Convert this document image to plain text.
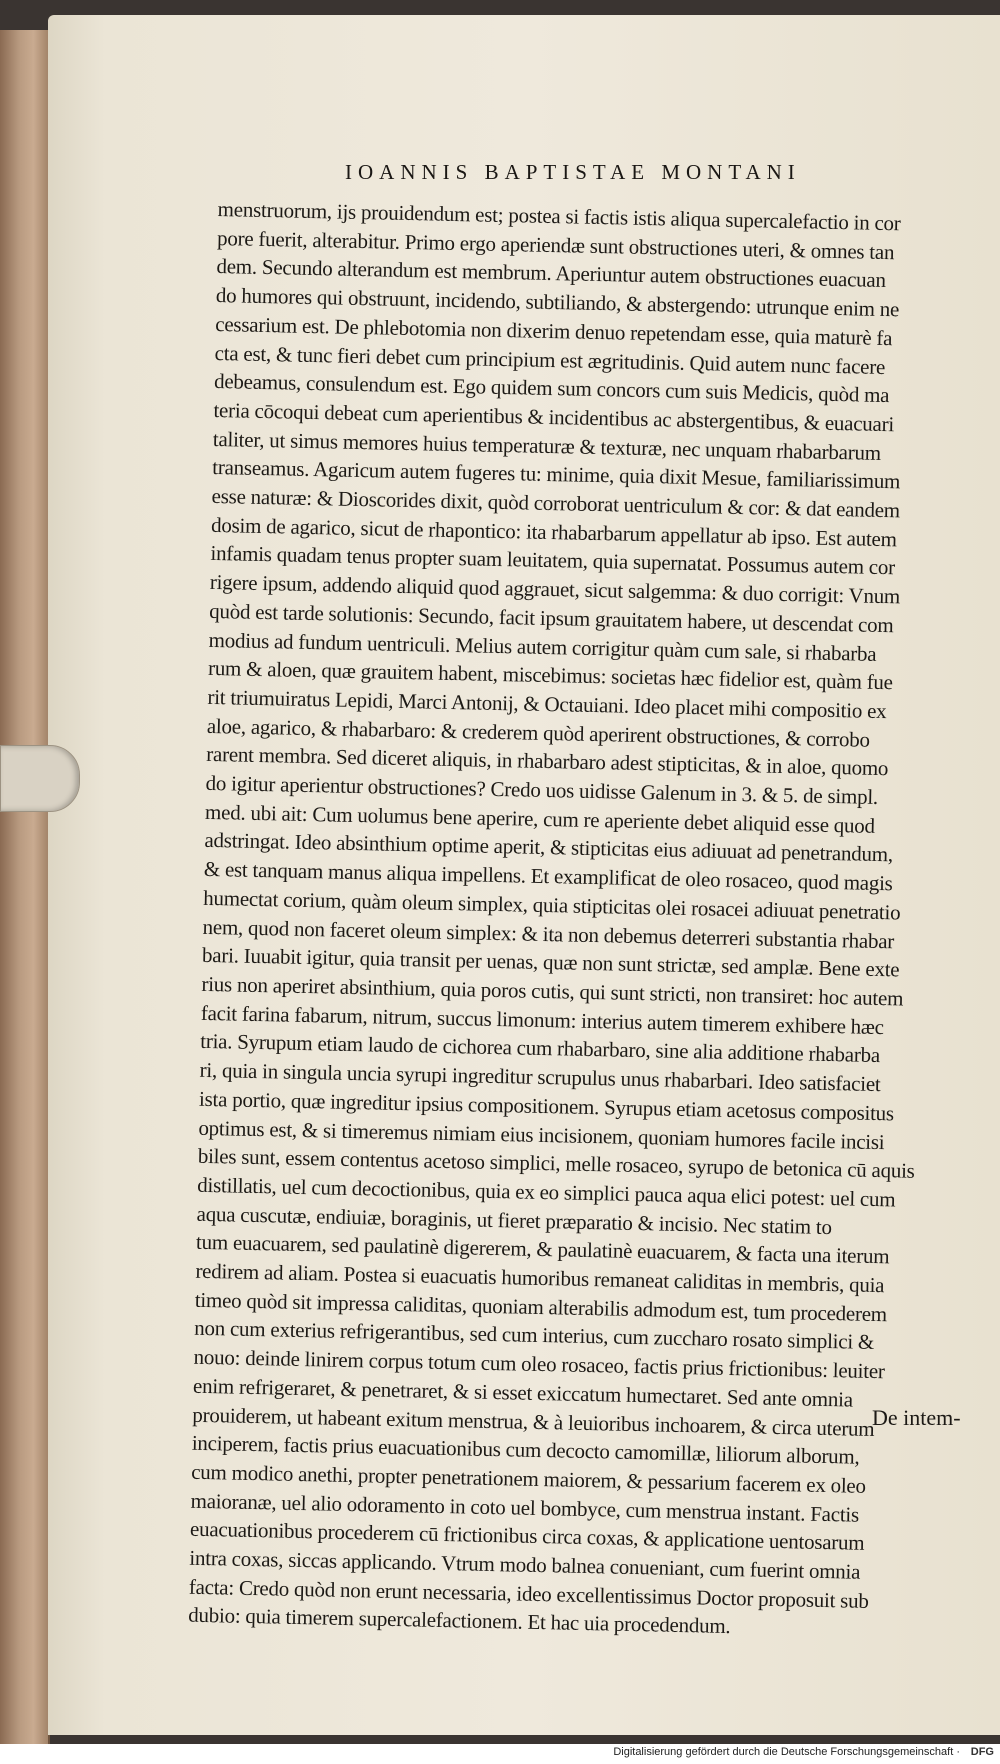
IOANNIS BAPTISTAE MONTANI
menstruorum, ijs prouidendum est; postea si factis istis aliqua supercalefactio in cor
pore fuerit, alterabitur. Primo ergo aperiendæ sunt obstructiones uteri, & omnes tan
dem. Secundo alterandum est membrum. Aperiuntur autem obstructiones euacuan
do humores qui obstruunt, incidendo, subtiliando, & abstergendo: utrunque enim ne
cessarium est. De phlebotomia non dixerim denuo repetendam esse, quia maturè fa
cta est, & tunc fieri debet cum principium est ægritudinis. Quid autem nunc facere
debeamus, consulendum est. Ego quidem sum concors cum suis Medicis, quòd ma
teria cōcoqui debeat cum aperientibus & incidentibus ac abstergentibus, & euacuari
taliter, ut simus memores huius temperaturæ & texturæ, nec unquam rhabarbarum
transeamus. Agaricum autem fugeres tu: minime, quia dixit Mesue, familiarissimum
esse naturæ: & Dioscorides dixit, quòd corroborat uentriculum & cor: & dat eandem
dosim de agarico, sicut de rhapontico: ita rhabarbarum appellatur ab ipso. Est autem
infamis quadam tenus propter suam leuitatem, quia supernatat. Possumus autem cor
rigere ipsum, addendo aliquid quod aggrauet, sicut salgemma: & duo corrigit: Vnum
quòd est tarde solutionis: Secundo, facit ipsum grauitatem habere, ut descendat com
modius ad fundum uentriculi. Melius autem corrigitur quàm cum sale, si rhabarba
rum & aloen, quæ grauitem habent, miscebimus: societas hæc fidelior est, quàm fue
rit triumuiratus Lepidi, Marci Antonij, & Octauiani. Ideo placet mihi compositio ex
aloe, agarico, & rhabarbaro: & crederem quòd aperirent obstructiones, & corrobo
rarent membra. Sed diceret aliquis, in rhabarbaro adest stipticitas, & in aloe, quomo
do igitur aperientur obstructiones? Credo uos uidisse Galenum in 3. & 5. de simpl.
med. ubi ait: Cum uolumus bene aperire, cum re aperiente debet aliquid esse quod
adstringat. Ideo absinthium optime aperit, & stipticitas eius adiuuat ad penetrandum,
& est tanquam manus aliqua impellens. Et examplificat de oleo rosaceo, quod magis
humectat corium, quàm oleum simplex, quia stipticitas olei rosacei adiuuat penetratio
nem, quod non faceret oleum simplex: & ita non debemus deterreri substantia rhabar
bari. Iuuabit igitur, quia transit per uenas, quæ non sunt strictæ, sed amplæ. Bene exte
rius non aperiret absinthium, quia poros cutis, qui sunt stricti, non transiret: hoc autem
facit farina fabarum, nitrum, succus limonum: interius autem timerem exhibere hæc
tria. Syrupum etiam laudo de cichorea cum rhabarbaro, sine alia additione rhabarba
ri, quia in singula uncia syrupi ingreditur scrupulus unus rhabarbari. Ideo satisfaciet
ista portio, quæ ingreditur ipsius compositionem. Syrupus etiam acetosus compositus
optimus est, & si timeremus nimiam eius incisionem, quoniam humores facile incisi
biles sunt, essem contentus acetoso simplici, melle rosaceo, syrupo de betonica cū aquis
distillatis, uel cum decoctionibus, quia ex eo simplici pauca aqua elici potest: uel cum
aqua cuscutæ, endiuiæ, boraginis, ut fieret præparatio & incisio. Nec statim to
tum euacuarem, sed paulatinè digererem, & paulatinè euacuarem, & facta una iterum
redirem ad aliam. Postea si euacuatis humoribus remaneat caliditas in membris, quia
timeo quòd sit impressa caliditas, quoniam alterabilis admodum est, tum procederem
non cum exterius refrigerantibus, sed cum interius, cum zuccharo rosato simplici &
nouo: deinde linirem corpus totum cum oleo rosaceo, factis prius frictionibus: leuiter
enim refrigeraret, & penetraret, & si esset exiccatum humectaret. Sed ante omnia
prouiderem, ut habeant exitum menstrua, & à leuioribus inchoarem, & circa uterum
inciperem, factis prius euacuationibus cum decocto camomillæ, liliorum alborum,
cum modico anethi, propter penetrationem maiorem, & pessarium facerem ex oleo
maioranæ, uel alio odoramento in coto uel bombyce, cum menstrua instant. Factis
euacuationibus procederem cū frictionibus circa coxas, & applicatione uentosarum
intra coxas, siccas applicando. Vtrum modo balnea conueniant, cum fuerint omnia
facta: Credo quòd non erunt necessaria, ideo excellentissimus Doctor proposuit sub
dubio: quia timerem supercalefactionem. Et hac uia procedendum.
De intem-
Digitalisierung gefördert durch die Deutsche Forschungsgemeinschaft · DFG
